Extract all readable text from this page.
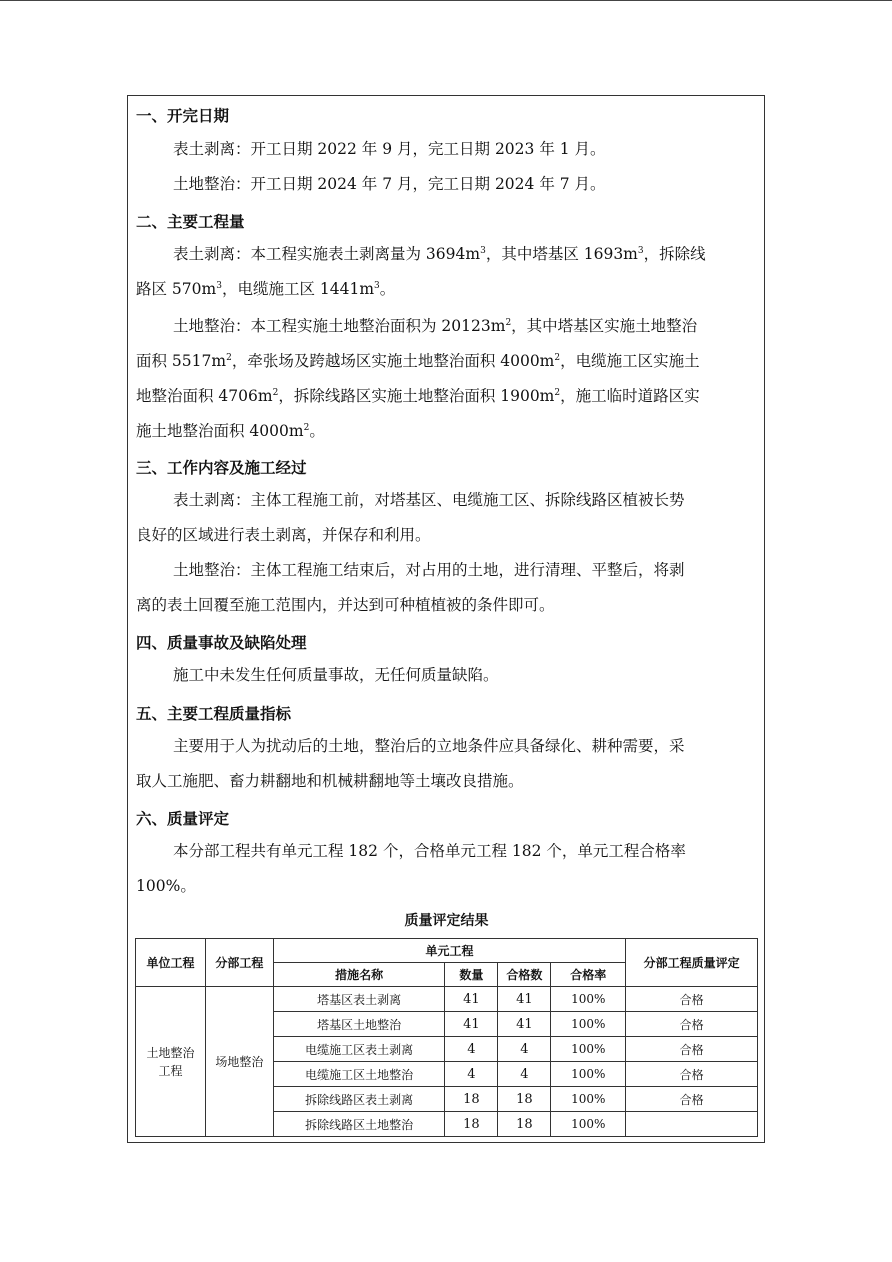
一、开完日期
表土剥离：开工日期 2022 年 9 月，完工日期 2023 年 1 月。
土地整治：开工日期 2024 年 7 月，完工日期 2024 年 7 月。
二、主要工程量
表土剥离：本工程实施表土剥离量为 $3694m^3$，其中塔基区 $1693m^3$，拆除线
路区 $570m^3$，电缆施工区 $1441m^3$。
土地整治：本工程实施土地整治面积为 $20123m^2$，其中塔基区实施土地整治
面积 $5517m^2$，牵张场及跨越场区实施土地整治面积 $4000m^2$，电缆施工区实施土
地整治面积 $4706m^2$，拆除线路区实施土地整治面积 $1900m^2$，施工临时道路区实
施土地整治面积 $4000m^2$。
三、工作内容及施工经过
表土剥离：主体工程施工前，对塔基区、电缆施工区、拆除线路区植被长势
良好的区域进行表土剥离，并保存和利用。
土地整治：主体工程施工结束后，对占用的土地，进行清理、平整后，将剥
离的表土回覆至施工范围内，并达到可种植植被的条件即可。
四、质量事故及缺陷处理
施工中未发生任何质量事故，无任何质量缺陷。
五、主要工程质量指标
主要用于人为扰动后的土地，整治后的立地条件应具备绿化、耕种需要，采
取人工施肥、畜力耕翻地和机械耕翻地等土壤改良措施。
六、质量评定
本分部工程共有单元工程 182 个，合格单元工程 182 个，单元工程合格率
100%。
质量评定结果
单位工程	分部工程	单元工程				分部工程质量评定
		措施名称	数量	合格数	合格率	
土地整治工程	场地整治	塔基区表土剥离	41	41	100%	合格
		塔基区土地整治	41	41	100%	合格
		电缆施工区表土剥离	4	4	100%	合格
		电缆施工区土地整治	4	4	100%	合格
		拆除线路区表土剥离	18	18	100%	合格
		拆除线路区土地整治	18	18	100%	
